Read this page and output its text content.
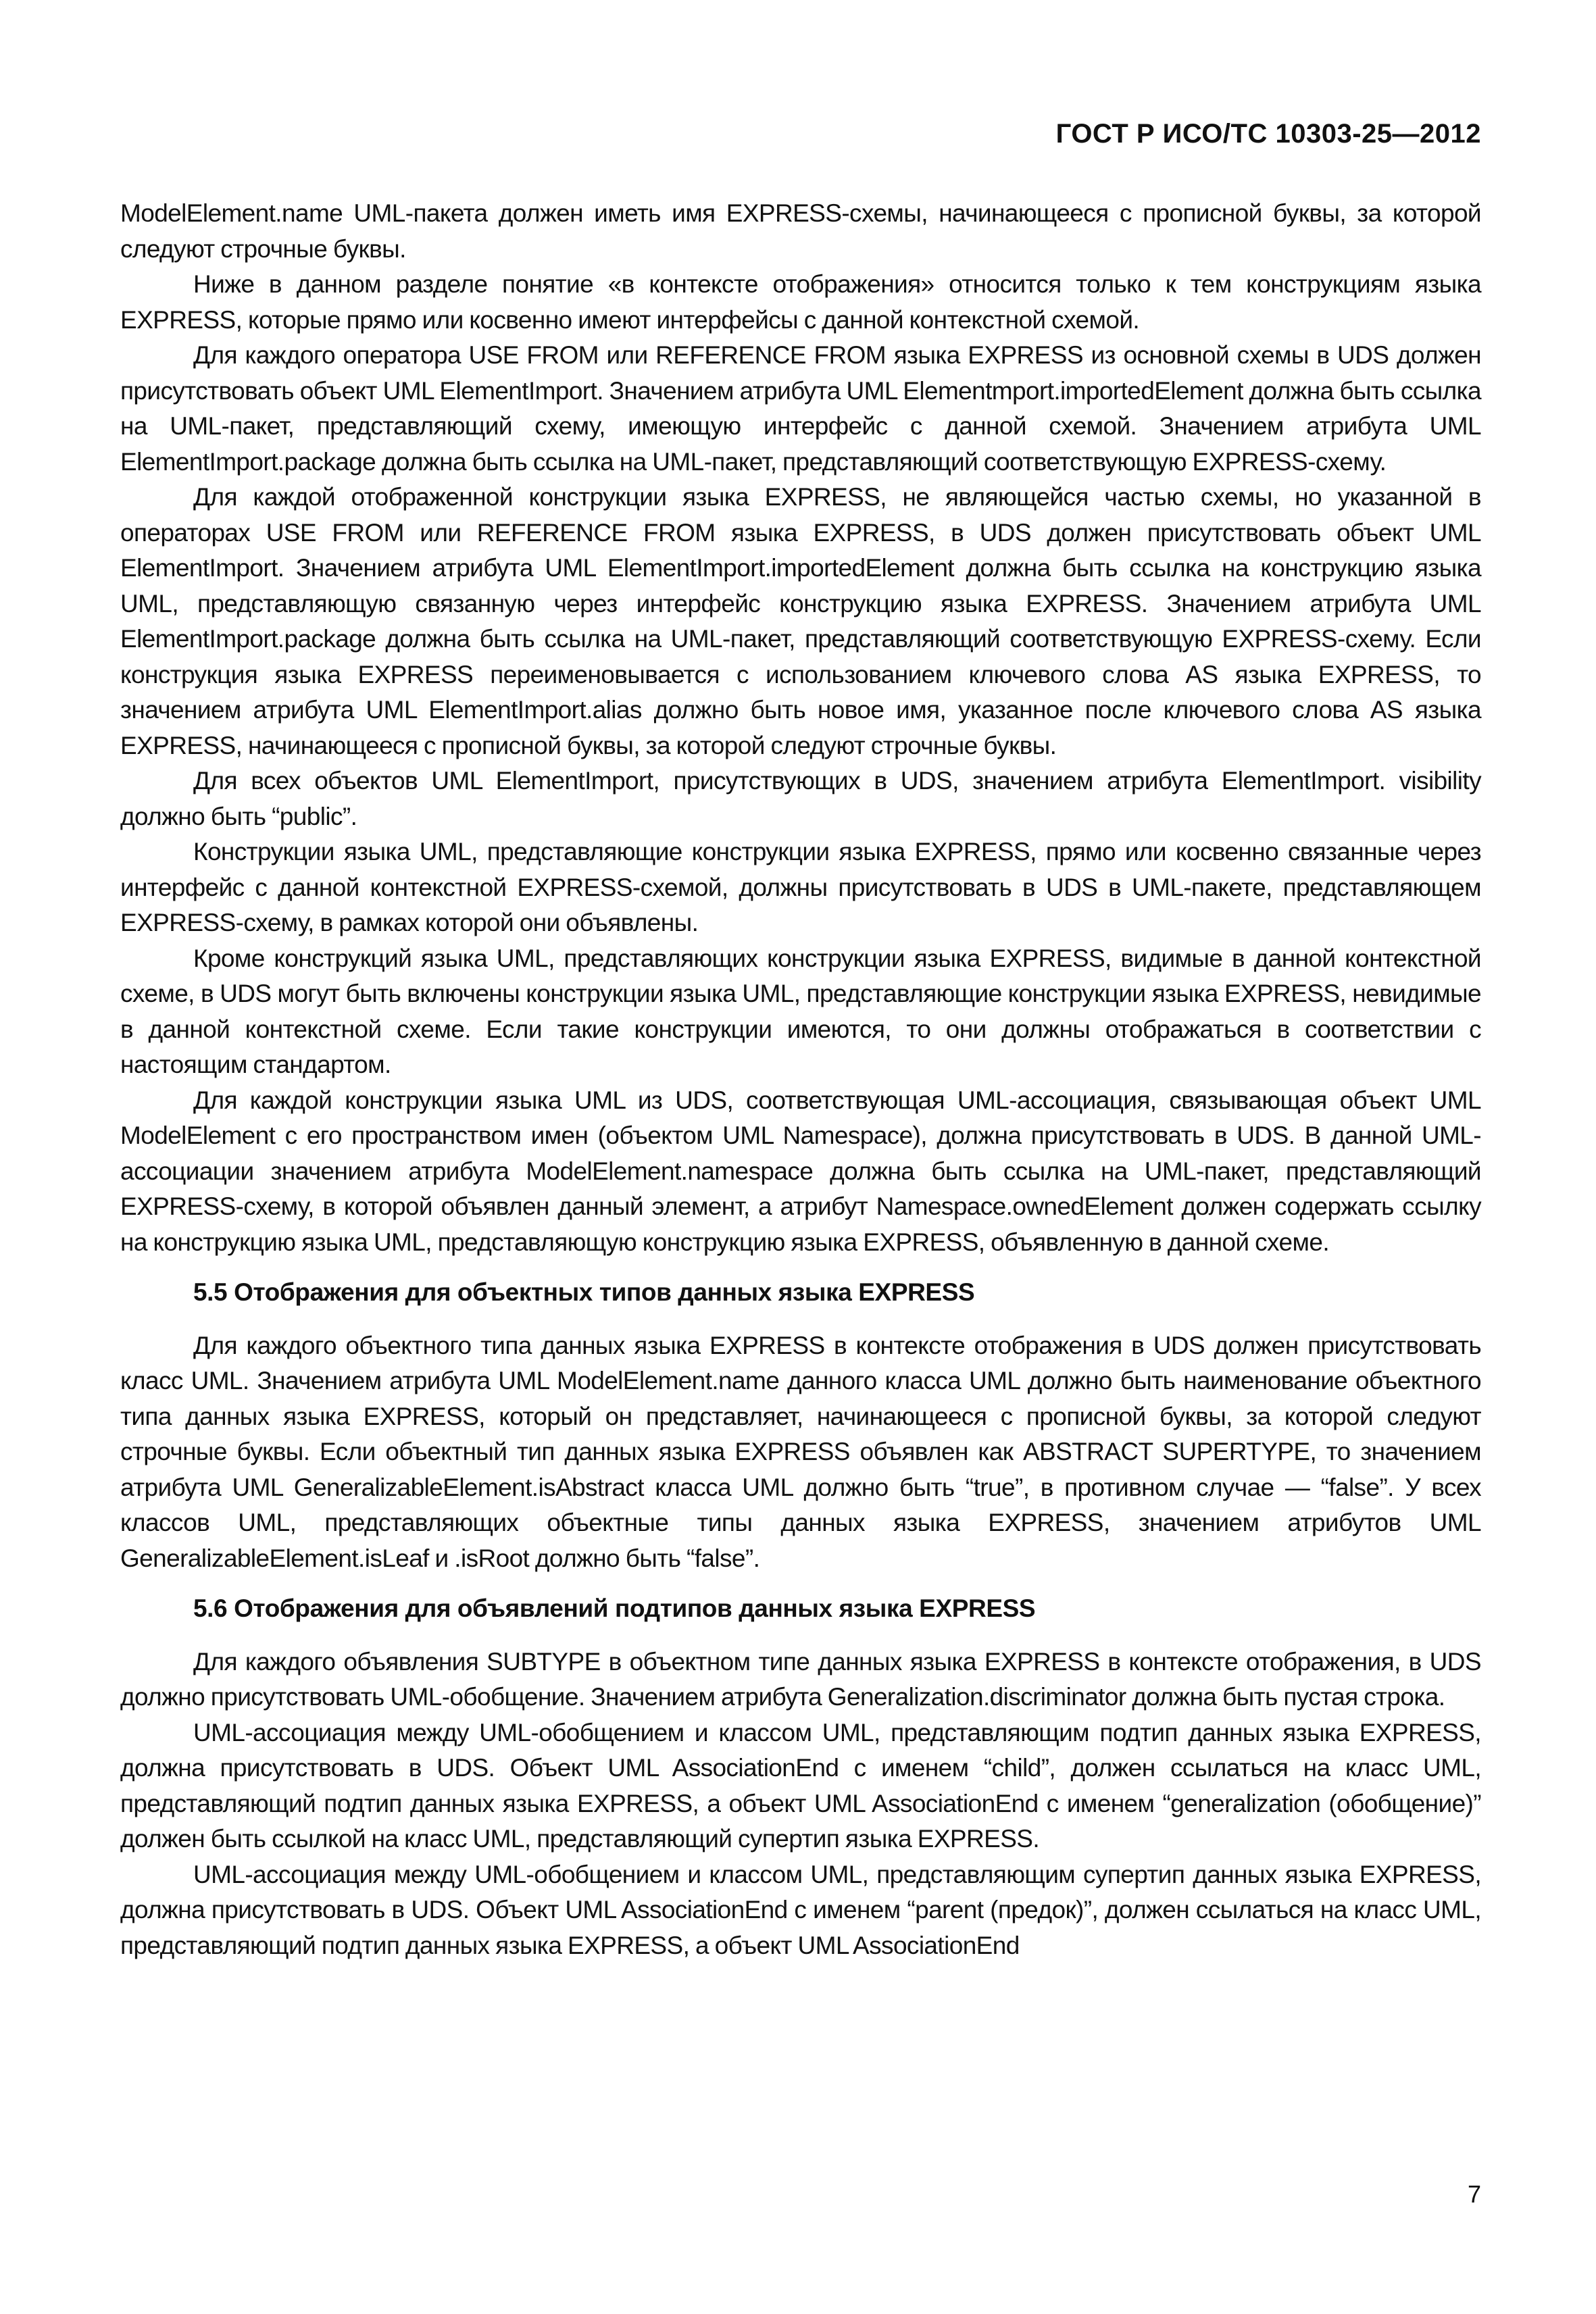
ГОСТ Р ИСО/ТС 10303-25—2012

ModelElement.name UML-пакета должен иметь имя EXPRESS-схемы, начинающееся с прописной буквы, за которой следуют строчные буквы.

Ниже в данном разделе понятие «в контексте отображения» относится только к тем конструкциям языка EXPRESS, которые прямо или косвенно имеют интерфейсы с данной контекстной схемой.

Для каждого оператора USE FROM или REFERENCE FROM языка EXPRESS из основной схемы в UDS должен присутствовать объект UML ElementImport. Значением атрибута UML Elementmport.importedElement должна быть ссылка на UML-пакет, представляющий схему, имеющую интерфейс с данной схемой. Значением атрибута UML ElementImport.package должна быть ссылка на UML-пакет, представляющий соответствующую EXPRESS-схему.

Для каждой отображенной конструкции языка EXPRESS, не являющейся частью схемы, но указанной в операторах USE FROM или REFERENCE FROM языка EXPRESS, в UDS должен присутствовать объект UML ElementImport. Значением атрибута UML ElementImport.importedElement должна быть ссылка на конструкцию языка UML, представляющую связанную через интерфейс конструкцию языка EXPRESS. Значением атрибута UML ElementImport.package должна быть ссылка на UML-пакет, представляющий соответствующую EXPRESS-схему. Если конструкция языка EXPRESS переименовывается с использованием ключевого слова AS языка EXPRESS, то значением атрибута UML ElementImport.alias должно быть новое имя, указанное после ключевого слова AS языка EXPRESS, начинающееся с прописной буквы, за которой следуют строчные буквы.

Для всех объектов UML ElementImport, присутствующих в UDS, значением атрибута ElementImport. visibility должно быть “public”.

Конструкции языка UML, представляющие конструкции языка EXPRESS, прямо или косвенно связанные через интерфейс с данной контекстной EXPRESS-схемой, должны присутствовать в UDS в UML-пакете, представляющем EXPRESS-схему, в рамках которой они объявлены.

Кроме конструкций языка UML, представляющих конструкции языка EXPRESS, видимые в данной контекстной схеме, в UDS могут быть включены конструкции языка UML, представляющие конструкции языка EXPRESS, невидимые в данной контекстной схеме. Если такие конструкции имеются, то они должны отображаться в соответствии с настоящим стандартом.

Для каждой конструкции языка UML из UDS, соответствующая UML-ассоциация, связывающая объект UML ModelElement с его пространством имен (объектом UML Namespace), должна присутствовать в UDS. В данной UML-ассоциации значением атрибута ModelElement.namespace должна быть ссылка на UML-пакет, представляющий EXPRESS-схему, в которой объявлен данный элемент, а атрибут Namespace.ownedElement должен содержать ссылку на конструкцию языка UML, представляющую конструкцию языка EXPRESS, объявленную в данной схеме.

5.5 Отображения для объектных типов данных языка EXPRESS

Для каждого объектного типа данных языка EXPRESS в контексте отображения в UDS должен присутствовать класс UML. Значением атрибута UML ModelElement.name данного класса UML должно быть наименование объектного типа данных языка EXPRESS, который он представляет, начинающееся с прописной буквы, за которой следуют строчные буквы. Если объектный тип данных языка EXPRESS объявлен как ABSTRACT SUPERTYPE, то значением атрибута UML GeneralizableElement.isAbstract класса UML должно быть “true”, в противном случае — “false”. У всех классов UML, представляющих объектные типы данных языка EXPRESS, значением атрибутов UML GeneralizableElement.isLeaf и .isRoot должно быть “false”.

5.6 Отображения для объявлений подтипов данных языка EXPRESS

Для каждого объявления SUBTYPE в объектном типе данных языка EXPRESS в контексте отображения, в UDS должно присутствовать UML-обобщение. Значением атрибута Generalization.discriminator должна быть пустая строка.

UML-ассоциация между UML-обобщением и классом UML, представляющим подтип данных языка EXPRESS, должна присутствовать в UDS. Объект UML AssociationEnd с именем “child”, должен ссылаться на класс UML, представляющий подтип данных языка EXPRESS, а объект UML AssociationEnd с именем “generalization (обобщение)” должен быть ссылкой на класс UML, представляющий супертип языка EXPRESS.

UML-ассоциация между UML-обобщением и классом UML, представляющим супертип данных языка EXPRESS, должна присутствовать в UDS. Объект UML AssociationEnd с именем “parent (предок)”, должен ссылаться на класс UML, представляющий подтип данных языка EXPRESS, а объект UML AssociationEnd

7
